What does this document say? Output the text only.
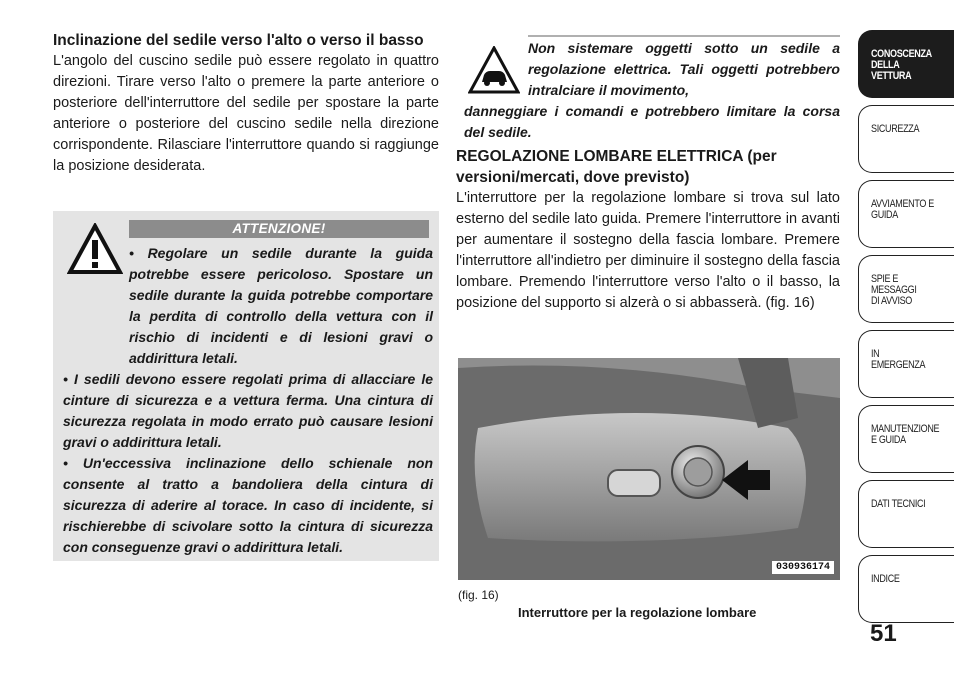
Inclinazione del sedile verso l'alto o verso il basso

L'angolo del cuscino sedile può essere regolato in quattro direzioni. Tirare verso l'alto o premere la parte anteriore o posteriore dell'interruttore del sedile per spostare la parte anteriore o posteriore del cuscino sedile nella direzione corrispondente. Rilasciare l'interruttore quando si raggiunge la posizione desiderata.

ATTENZIONE!

• Regolare un sedile durante la guida potrebbe essere pericoloso. Spostare un sedile durante la guida potrebbe comportare la perdita di controllo della vettura con il rischio di incidenti e di lesioni gravi o addirittura letali.

• I sedili devono essere regolati prima di allacciare le cinture di sicurezza e a vettura ferma. Una cintura di sicurezza regolata in modo errato può causare lesioni gravi o addirittura letali.

• Un'eccessiva inclinazione dello schienale non consente al tratto a bandoliera della cintura di sicurezza di aderire al torace. In caso di incidente, si rischierebbe di scivolare sotto la cintura di sicurezza con conseguenze gravi o addirittura letali.

Non sistemare oggetti sotto un sedile a regolazione elettrica. Tali oggetti potrebbero intralciare il movimento,
danneggiare i comandi e potrebbero limitare la corsa del sedile.

REGOLAZIONE LOMBARE ELETTRICA (per versioni/mercati, dove previsto)

L'interruttore per la regolazione lombare si trova sul lato esterno del sedile lato guida. Premere l'interruttore in avanti per aumentare il sostegno della fascia lombare. Premere l'interruttore all'indietro per diminuire il sostegno della fascia lombare. Premendo l'interruttore verso l'alto o il basso, la posizione del supporto si alzerà o si abbasserà. (fig. 16)

030936174
(fig. 16)
Interruttore per la regolazione lombare
CONOSCENZA
DELLA VETTURA
SICUREZZA
AVVIAMENTO E
GUIDA
SPIE E
MESSAGGI
DI AVVISO
IN
EMERGENZA
MANUTENZIONE
E GUIDA
DATI TECNICI
INDICE
51
